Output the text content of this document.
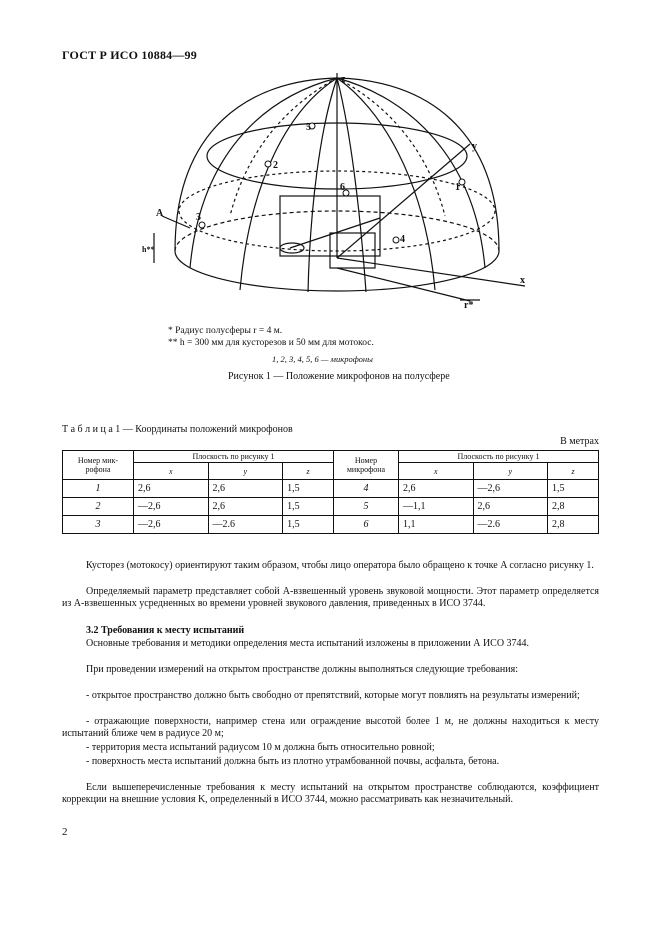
ГОСТ Р ИСО 10884—99
z
y
x
A
r*
h**
1
2
3
4
5
6
* Радиус полусферы r = 4 м.
** h = 300 мм для кусторезов и 50 мм для мотокос.
1, 2, 3, 4, 5, 6 — микрофоны
Рисунок 1 — Положение микрофонов на полусфере
Т а б л и ц а 1 — Координаты положений микрофонов
В метрах
Номер мик- рофона	Плоскость по рисунку 1			Номер микрофона	Плоскость по рисунку 1		
	x	y	z		x	y	z
1	2,6	2,6	1,5	4	2,6	—2,6	1,5
2	—2,6	2,6	1,5	5	—1,1	2,6	2,8
3	—2,6	—2.6	1,5	6	1,1	—2.6	2,8
Кусторез (мотокосу) ориентируют таким образом, чтобы лицо оператора было обращено к точке A согласно рисунку 1.
Определяемый параметр представляет собой A-взвешенный уровень звуковой мощности. Этот параметр определяется из A-взвешенных усредненных во времени уровней звукового давления, приведенных в ИСО 3744.
3.2 Требования к месту испытаний
Основные требования и методики определения места испытаний изложены в приложении А ИСО 3744.
При проведении измерений на открытом пространстве должны выполняться следующие требования:
- открытое пространство должно быть свободно от препятствий, которые могут повлиять на результаты измерений;
- отражающие поверхности, например стена или ограждение высотой более 1 м, не должны находиться к месту испытаний ближе чем в радиусе 20 м;
- территория места испытаний радиусом 10 м должна быть относительно ровной;
- поверхность места испытаний должна быть из плотно утрамбованной почвы, асфальта, бетона.
Если вышеперечисленные требования к месту испытаний на открытом пространстве соблюдаются, коэффициент коррекции на внешние условия K, определенный в ИСО 3744, можно рассматривать как незначительный.
2
